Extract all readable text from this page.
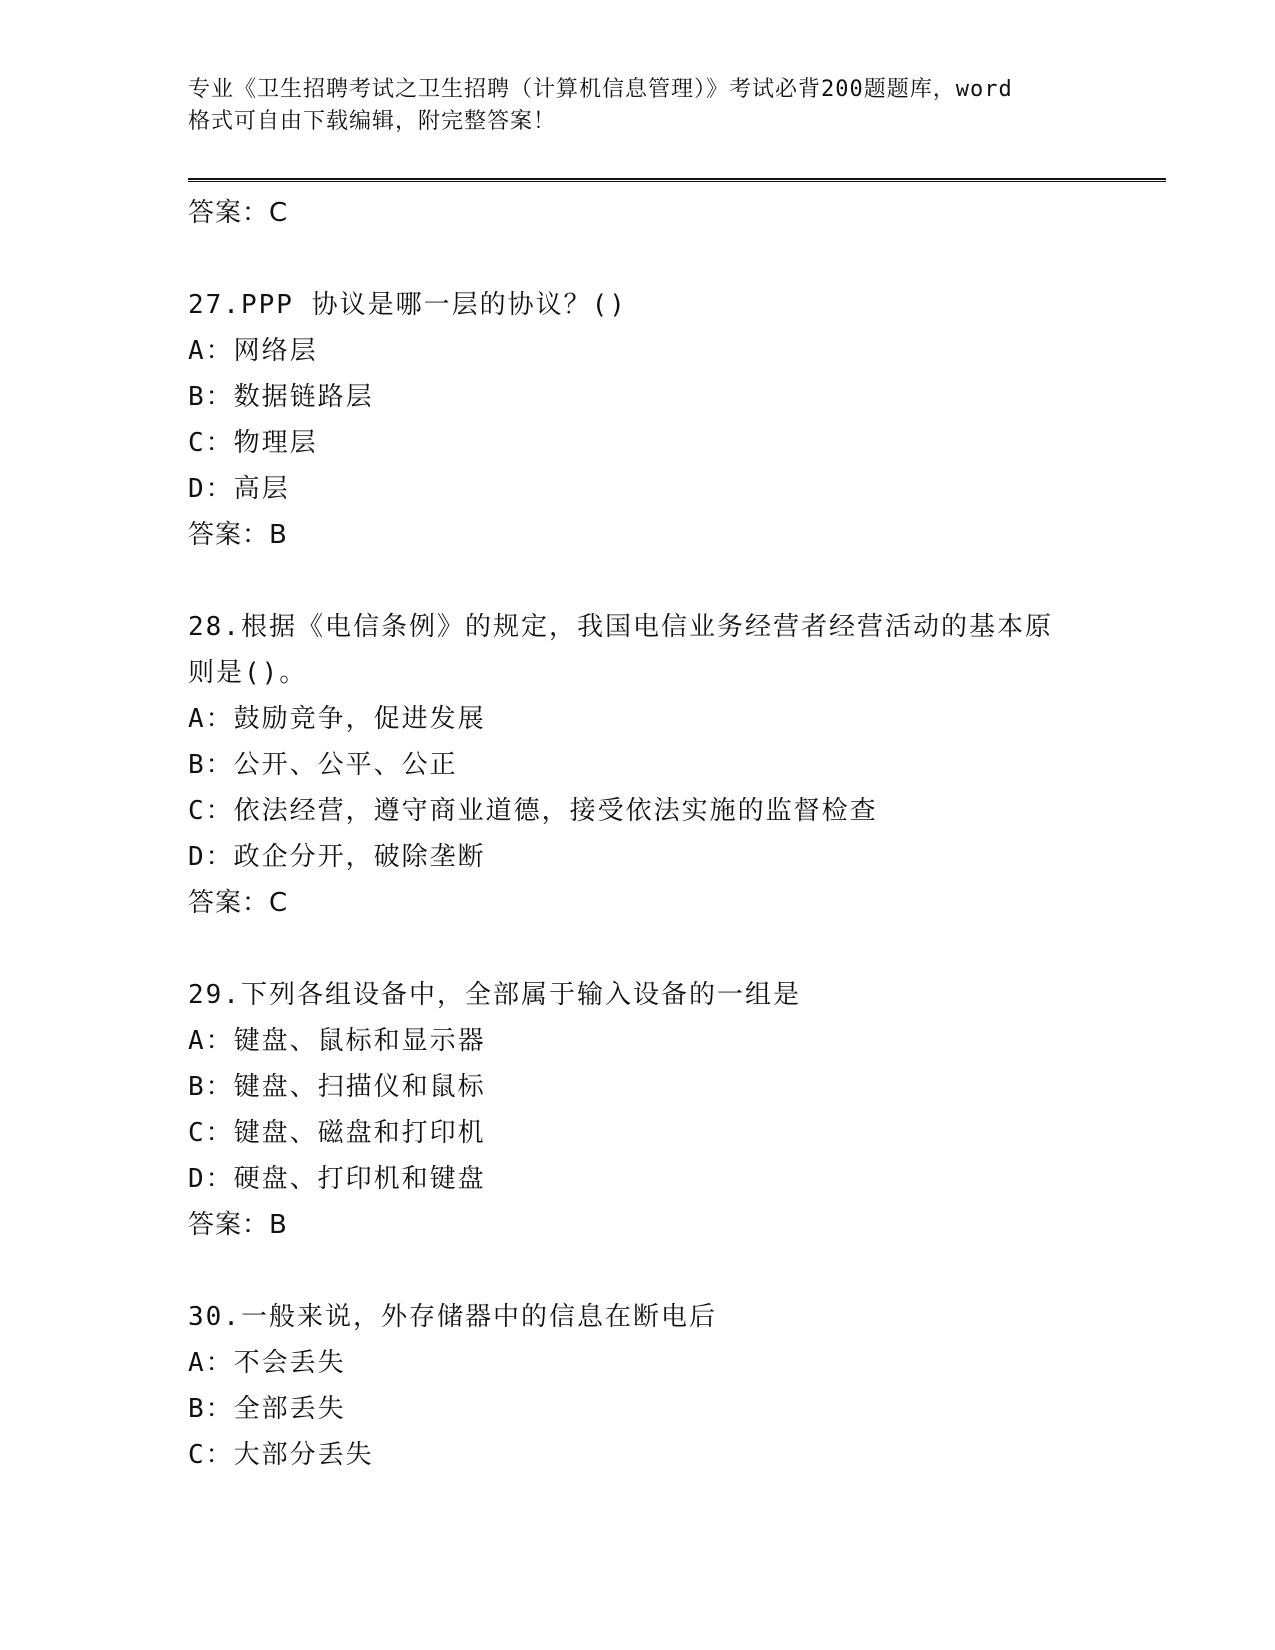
专业《卫生招聘考试之卫生招聘（计算机信息管理）》考试必背200题题库，word
格式可自由下载编辑，附完整答案！
答案：C
27.PPP 协议是哪一层的协议？()
A：网络层
B：数据链路层
C：物理层
D：高层
答案：B
28.根据《电信条例》的规定，我国电信业务经营者经营活动的基本原
则是()。
A：鼓励竞争，促进发展
B：公开、公平、公正
C：依法经营，遵守商业道德，接受依法实施的监督检查
D：政企分开，破除垄断
答案：C
29.下列各组设备中，全部属于输入设备的一组是
A：键盘、鼠标和显示器
B：键盘、扫描仪和鼠标
C：键盘、磁盘和打印机
D：硬盘、打印机和键盘
答案：B
30.一般来说，外存储器中的信息在断电后
A：不会丢失
B：全部丢失
C：大部分丢失
